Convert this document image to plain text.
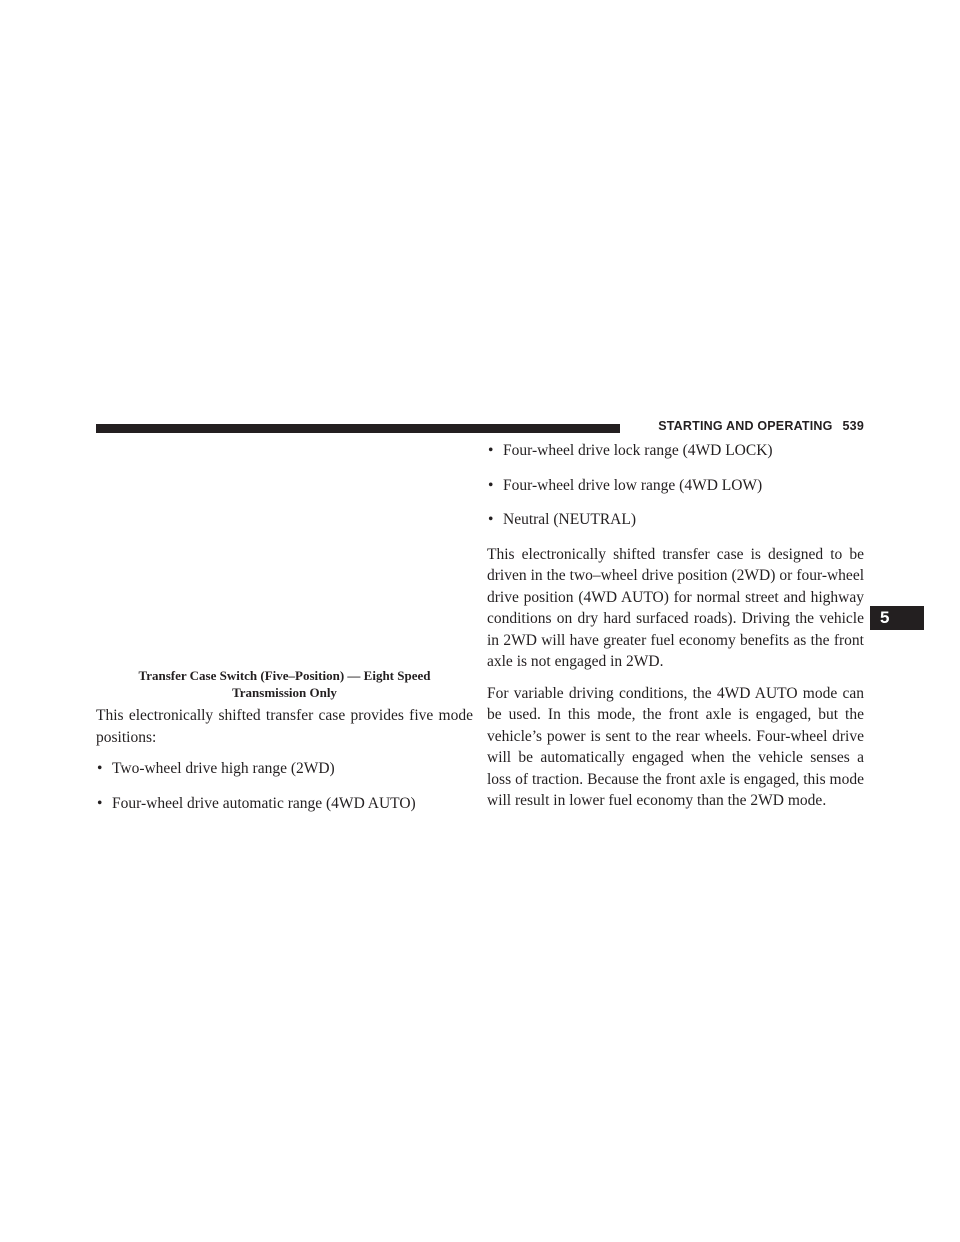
STARTING AND OPERATING 539
Transfer Case Switch (Five–Position) — Eight Speed
Transmission Only

This electronically shifted transfer case provides five mode positions:

• Two-wheel drive high range (2WD)
• Four-wheel drive automatic range (4WD AUTO)
• Four-wheel drive lock range (4WD LOCK)
• Four-wheel drive low range (4WD LOW)
• Neutral (NEUTRAL)

This electronically shifted transfer case is designed to be driven in the two–wheel drive position (2WD) or four-wheel drive position (4WD AUTO) for normal street and highway conditions on dry hard surfaced roads). Driving the vehicle in 2WD will have greater fuel economy benefits as the front axle is not engaged in 2WD.

For variable driving conditions, the 4WD AUTO mode can be used. In this mode, the front axle is engaged, but the vehicle’s power is sent to the rear wheels. Four-wheel drive will be automatically engaged when the vehicle senses a loss of traction. Because the front axle is engaged, this mode will result in lower fuel economy than the 2WD mode.

5
